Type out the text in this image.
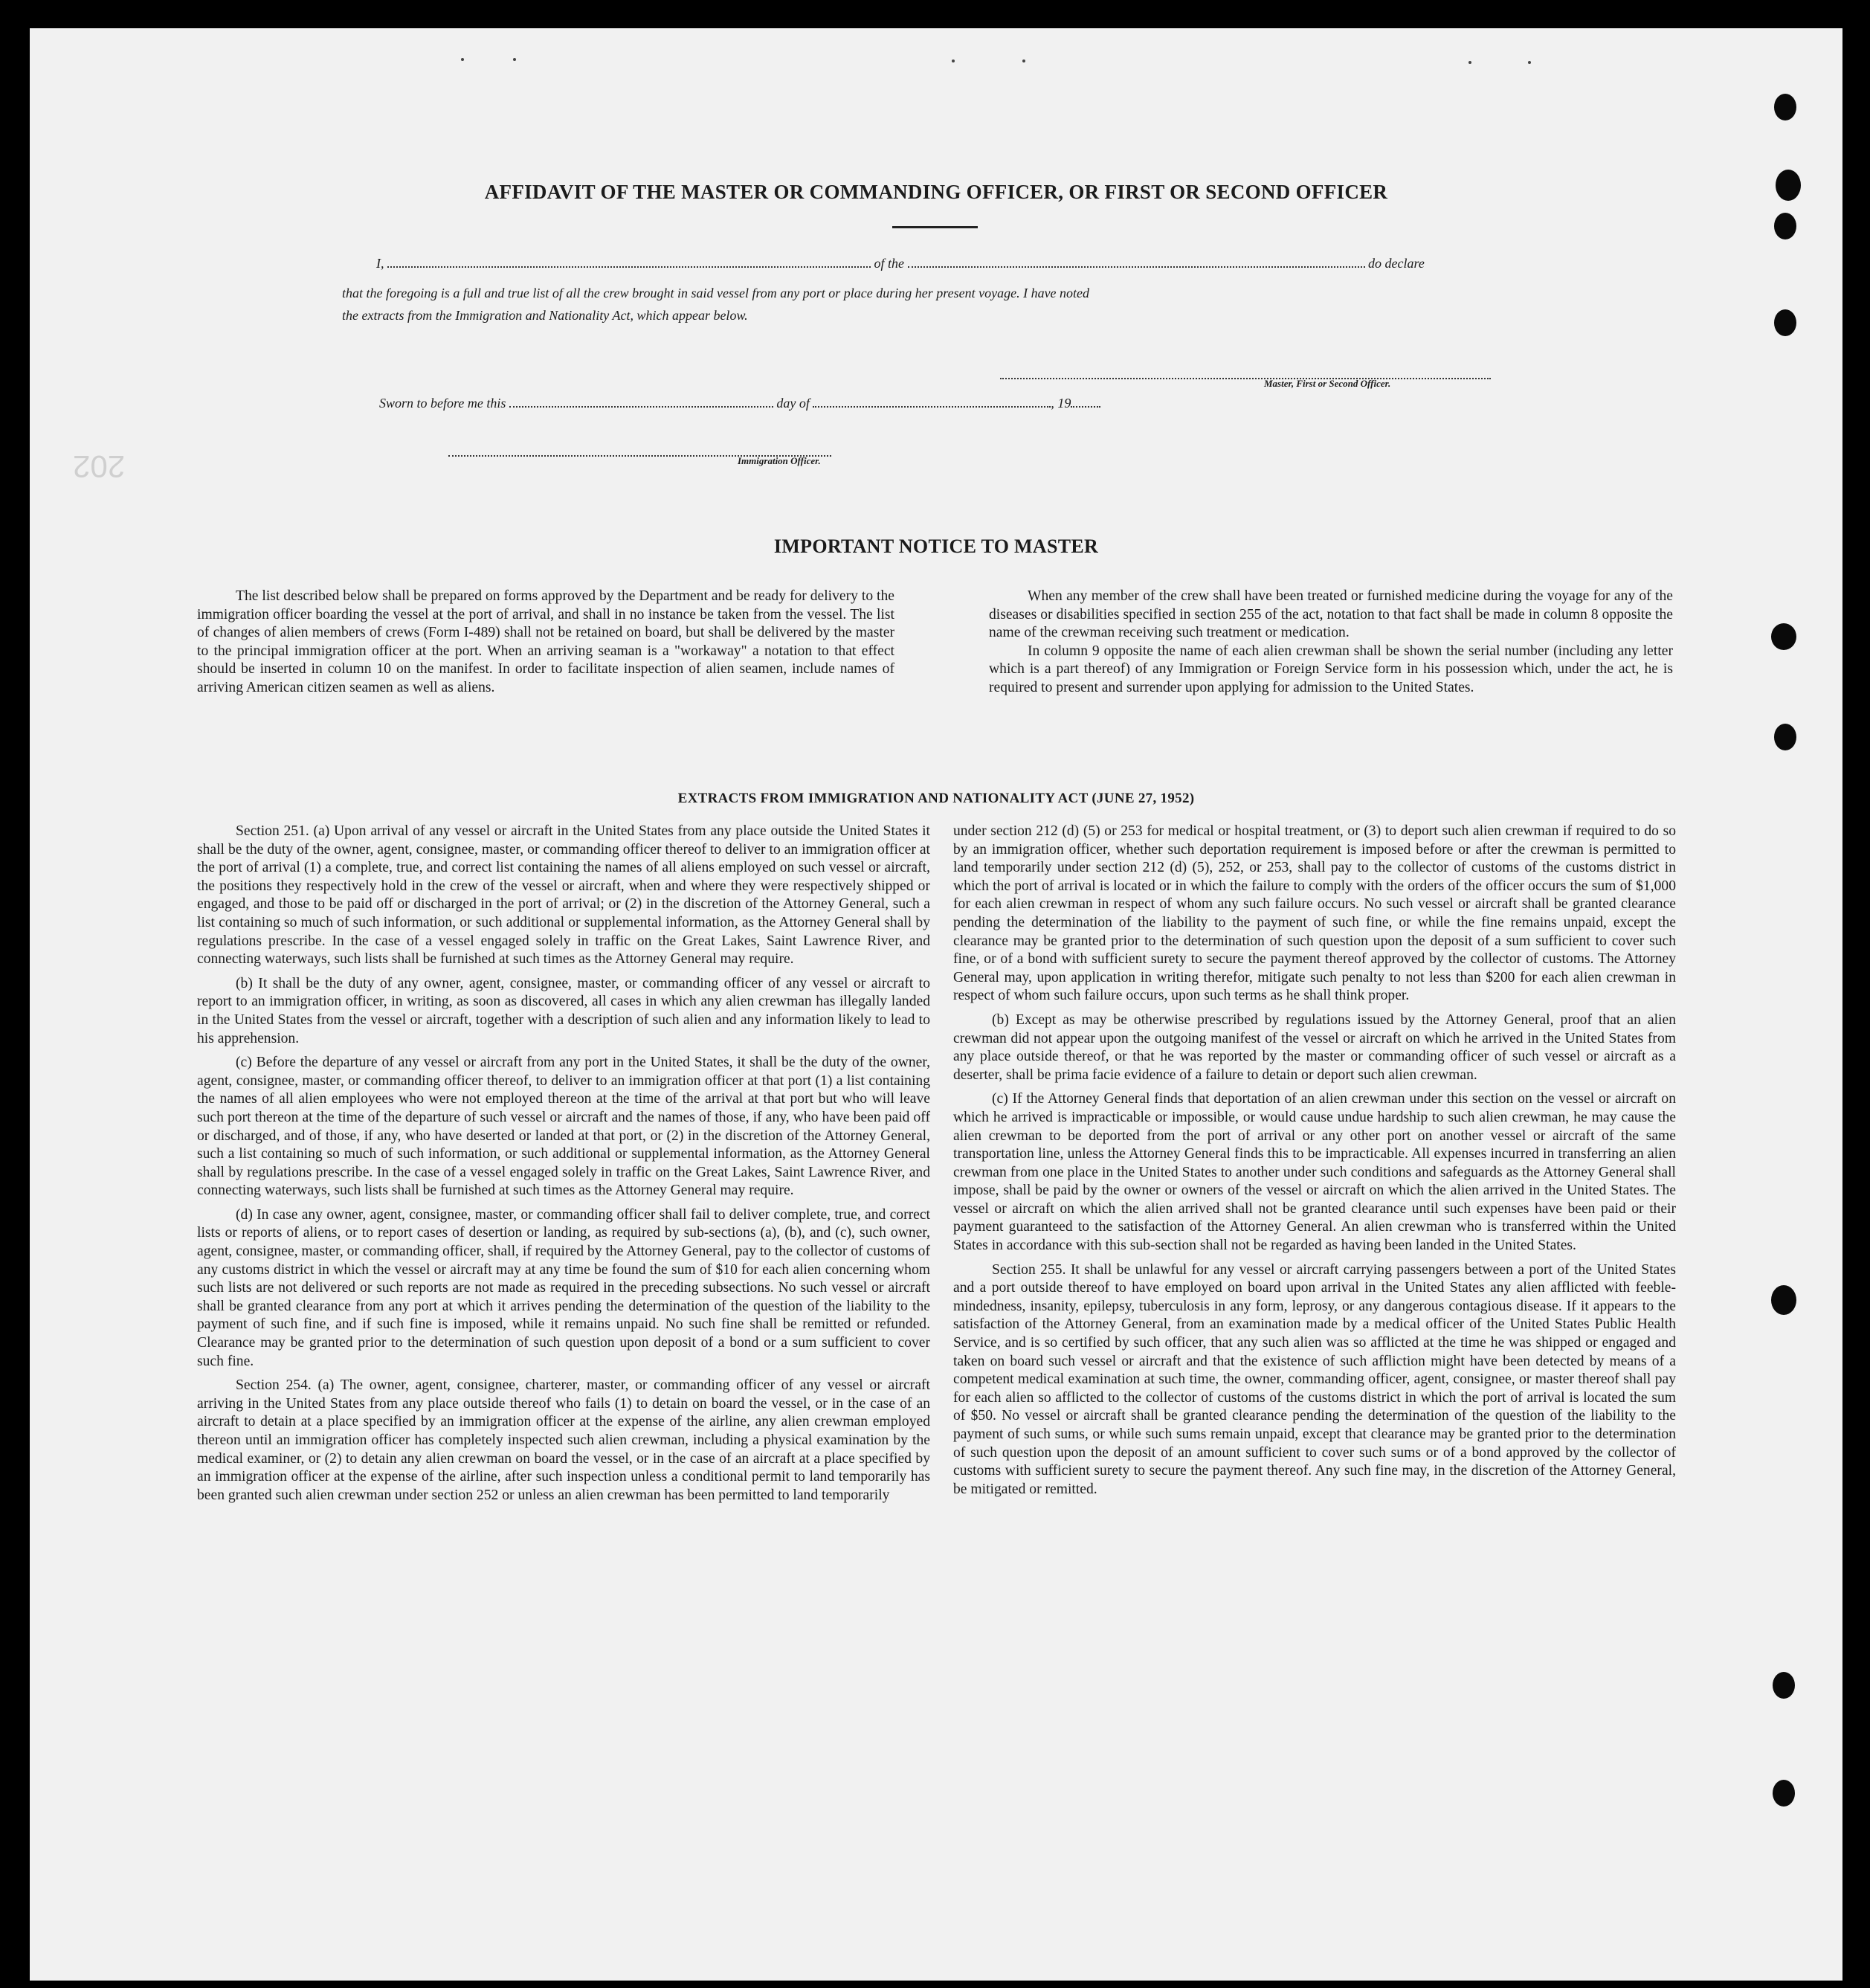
202
AFFIDAVIT OF THE MASTER OR COMMANDING OFFICER, OR FIRST OR SECOND OFFICER
I,	of the	do declare
that the foregoing is a full and true list of all the crew brought in said vessel from any port or place during her present voyage. I have noted
the extracts from the Immigration and Nationality Act, which appear below.
Master, First or Second Officer.
Sworn to before me this	day of	, 19
Immigration Officer.
IMPORTANT NOTICE TO MASTER

The list described below shall be prepared on forms approved by the Department and be ready for delivery to the immigration officer boarding the vessel at the port of arrival, and shall in no instance be taken from the vessel. The list of changes of alien members of crews (Form I-489) shall not be retained on board, but shall be delivered by the master to the principal immigration officer at the port. When an arriving seaman is a "workaway" a notation to that effect should be inserted in column 10 on the manifest. In order to facilitate inspection of alien seamen, include names of arriving American citizen seamen as well as aliens.

When any member of the crew shall have been treated or furnished medicine during the voyage for any of the diseases or disabilities specified in section 255 of the act, notation to that fact shall be made in column 8 opposite the name of the crewman receiving such treatment or medication.

In column 9 opposite the name of each alien crewman shall be shown the serial number (including any letter which is a part thereof) of any Immigration or Foreign Service form in his possession which, under the act, he is required to present and surrender upon applying for admission to the United States.

EXTRACTS FROM IMMIGRATION AND NATIONALITY ACT (JUNE 27, 1952)

Section 251. (a) Upon arrival of any vessel or aircraft in the United States from any place outside the United States it shall be the duty of the owner, agent, consignee, master, or commanding officer thereof to deliver to an immigration officer at the port of arrival (1) a complete, true, and correct list containing the names of all aliens employed on such vessel or aircraft, the positions they respectively hold in the crew of the vessel or aircraft, when and where they were respectively shipped or engaged, and those to be paid off or discharged in the port of arrival; or (2) in the discretion of the Attorney General, such a list containing so much of such information, or such additional or supplemental information, as the Attorney General shall by regulations prescribe. In the case of a vessel engaged solely in traffic on the Great Lakes, Saint Lawrence River, and connecting waterways, such lists shall be furnished at such times as the Attorney General may require.

(b) It shall be the duty of any owner, agent, consignee, master, or commanding officer of any vessel or aircraft to report to an immigration officer, in writing, as soon as discovered, all cases in which any alien crewman has illegally landed in the United States from the vessel or aircraft, together with a description of such alien and any information likely to lead to his apprehension.

(c) Before the departure of any vessel or aircraft from any port in the United States, it shall be the duty of the owner, agent, consignee, master, or commanding officer thereof, to deliver to an immigration officer at that port (1) a list containing the names of all alien employees who were not employed thereon at the time of the arrival at that port but who will leave such port thereon at the time of the departure of such vessel or aircraft and the names of those, if any, who have been paid off or discharged, and of those, if any, who have deserted or landed at that port, or (2) in the discretion of the Attorney General, such a list containing so much of such information, or such additional or supplemental information, as the Attorney General shall by regulations prescribe. In the case of a vessel engaged solely in traffic on the Great Lakes, Saint Lawrence River, and connecting waterways, such lists shall be furnished at such times as the Attorney General may require.

(d) In case any owner, agent, consignee, master, or commanding officer shall fail to deliver complete, true, and correct lists or reports of aliens, or to report cases of desertion or landing, as required by sub-sections (a), (b), and (c), such owner, agent, consignee, master, or commanding officer, shall, if required by the Attorney General, pay to the collector of customs of any customs district in which the vessel or aircraft may at any time be found the sum of $10 for each alien concerning whom such lists are not delivered or such reports are not made as required in the preceding subsections. No such vessel or aircraft shall be granted clearance from any port at which it arrives pending the determination of the question of the liability to the payment of such fine, and if such fine is imposed, while it remains unpaid. No such fine shall be remitted or refunded. Clearance may be granted prior to the determination of such question upon deposit of a bond or a sum sufficient to cover such fine.

Section 254. (a) The owner, agent, consignee, charterer, master, or commanding officer of any vessel or aircraft arriving in the United States from any place outside thereof who fails (1) to detain on board the vessel, or in the case of an aircraft to detain at a place specified by an immigration officer at the expense of the airline, any alien crewman employed thereon until an immigration officer has completely inspected such alien crewman, including a physical examination by the medical examiner, or (2) to detain any alien crewman on board the vessel, or in the case of an aircraft at a place specified by an immigration officer at the expense of the airline, after such inspection unless a conditional permit to land temporarily has been granted such alien crewman under section 252 or unless an alien crewman has been permitted to land temporarily

under section 212 (d) (5) or 253 for medical or hospital treatment, or (3) to deport such alien crewman if required to do so by an immigration officer, whether such deportation requirement is imposed before or after the crewman is permitted to land temporarily under section 212 (d) (5), 252, or 253, shall pay to the collector of customs of the customs district in which the port of arrival is located or in which the failure to comply with the orders of the officer occurs the sum of $1,000 for each alien crewman in respect of whom any such failure occurs. No such vessel or aircraft shall be granted clearance pending the determination of the liability to the payment of such fine, or while the fine remains unpaid, except the clearance may be granted prior to the determination of such question upon the deposit of a sum sufficient to cover such fine, or of a bond with sufficient surety to secure the payment thereof approved by the collector of customs. The Attorney General may, upon application in writing therefor, mitigate such penalty to not less than $200 for each alien crewman in respect of whom such failure occurs, upon such terms as he shall think proper.

(b) Except as may be otherwise prescribed by regulations issued by the Attorney General, proof that an alien crewman did not appear upon the outgoing manifest of the vessel or aircraft on which he arrived in the United States from any place outside thereof, or that he was reported by the master or commanding officer of such vessel or aircraft as a deserter, shall be prima facie evidence of a failure to detain or deport such alien crewman.

(c) If the Attorney General finds that deportation of an alien crewman under this section on the vessel or aircraft on which he arrived is impracticable or impossible, or would cause undue hardship to such alien crewman, he may cause the alien crewman to be deported from the port of arrival or any other port on another vessel or aircraft of the same transportation line, unless the Attorney General finds this to be impracticable. All expenses incurred in transferring an alien crewman from one place in the United States to another under such conditions and safeguards as the Attorney General shall impose, shall be paid by the owner or owners of the vessel or aircraft on which the alien arrived in the United States. The vessel or aircraft on which the alien arrived shall not be granted clearance until such expenses have been paid or their payment guaranteed to the satisfaction of the Attorney General. An alien crewman who is transferred within the United States in accordance with this sub-section shall not be regarded as having been landed in the United States.

Section 255. It shall be unlawful for any vessel or aircraft carrying passengers between a port of the United States and a port outside thereof to have employed on board upon arrival in the United States any alien afflicted with feeble-mindedness, insanity, epilepsy, tuberculosis in any form, leprosy, or any dangerous contagious disease. If it appears to the satisfaction of the Attorney General, from an examination made by a medical officer of the United States Public Health Service, and is so certified by such officer, that any such alien was so afflicted at the time he was shipped or engaged and taken on board such vessel or aircraft and that the existence of such affliction might have been detected by means of a competent medical examination at such time, the owner, commanding officer, agent, consignee, or master thereof shall pay for each alien so afflicted to the collector of customs of the customs district in which the port of arrival is located the sum of $50. No vessel or aircraft shall be granted clearance pending the determination of the question of the liability to the payment of such sums, or while such sums remain unpaid, except that clearance may be granted prior to the determination of such question upon the deposit of an amount sufficient to cover such sums or of a bond approved by the collector of customs with sufficient surety to secure the payment thereof. Any such fine may, in the discretion of the Attorney General, be mitigated or remitted.
